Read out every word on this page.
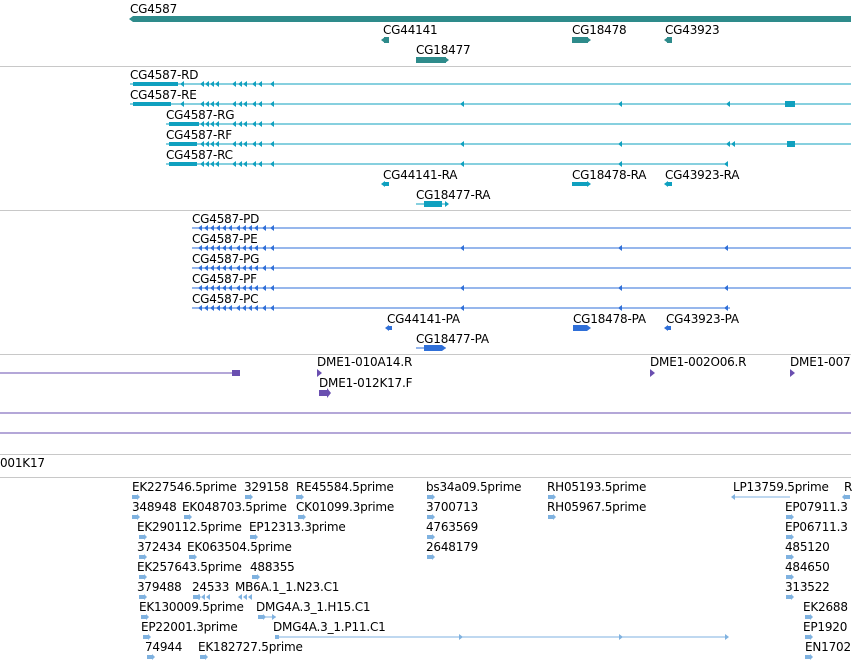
CG4587
CG44141	CG18478	CG43923
CG18477
CG4587-RD
CG4587-RE
CG4587-RG
CG4587-RF
CG4587-RC
CG44141-RA	CG18478-RA CG43923-RA
CG18477-RA
CG4587-PD
CG4587-PE
CG4587-PG
CG4587-PF
CG4587-PC
CG44141-PA	CG18478-PA CG43923-PA
CG18477-PA
DME1-010A14.R	DME1-002O06.R	DME1-007
DME1-012K17.F
EK227546.5prime 329158 RE45584.5prime	bs34a09.5prime RH05193.5prime	LP13759.5prime R
348948 EK048703.5prime CK01099.3prime	3700713	RH05967.5prime	EP07911.3
EK290112.5prime EP12313.3prime	4763569	EP06711.3
372434 EK063504.5prime	2648179	485120
EK257643.5prime 488355	484650
379488 24533 MB6A.1_1.N23.C1	313522
EK130009.5prime DMG4A.3_1.H15.C1	EK2688
EP22001.3prime	DMG4A.3_1.P11.C1	EP1920
74944 EK182727.5prime	EN1702
001K17
